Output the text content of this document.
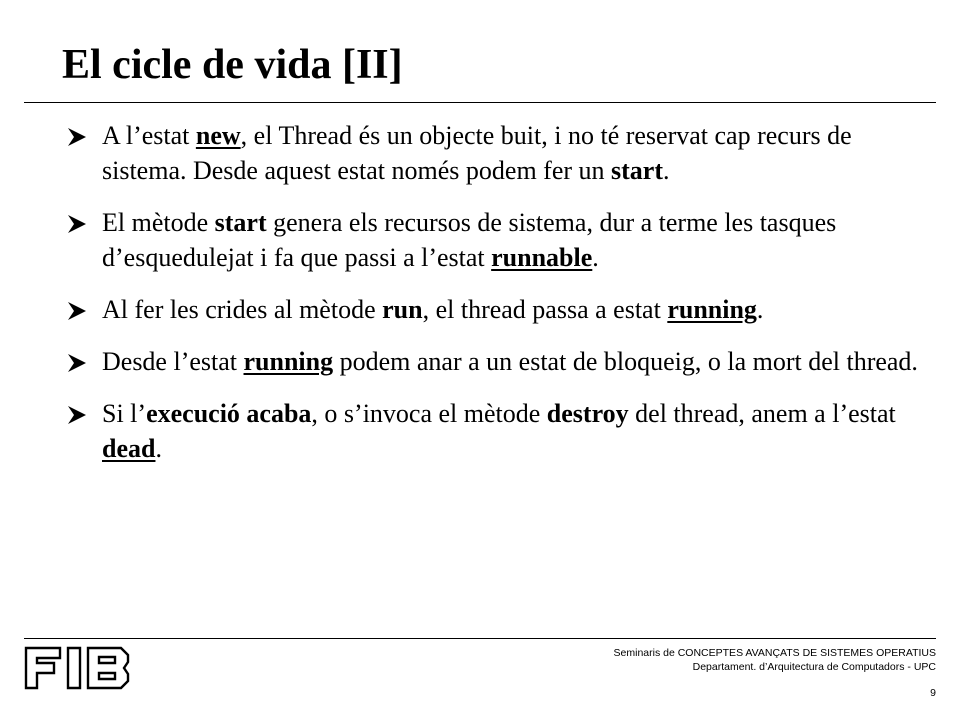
El cicle de vida [II]
A l’estat new, el Thread és un objecte buit, i no té reservat cap recurs de sistema. Desde aquest estat només podem fer un start.
El mètode start genera els recursos de sistema, dur a terme les tasques d’esquedulejat i fa que passi a l’estat runnable.
Al fer les crides al mètode run, el thread passa a estat running.
Desde l’estat running podem anar a un estat de bloqueig, o la mort del thread.
Si l’execució acaba, o s’invoca el mètode destroy del thread, anem a l’estat dead.
Seminaris de CONCEPTES AVANÇATS DE SISTEMES OPERATIUS
Departament. d’Arquitectura de Computadors - UPC
9
